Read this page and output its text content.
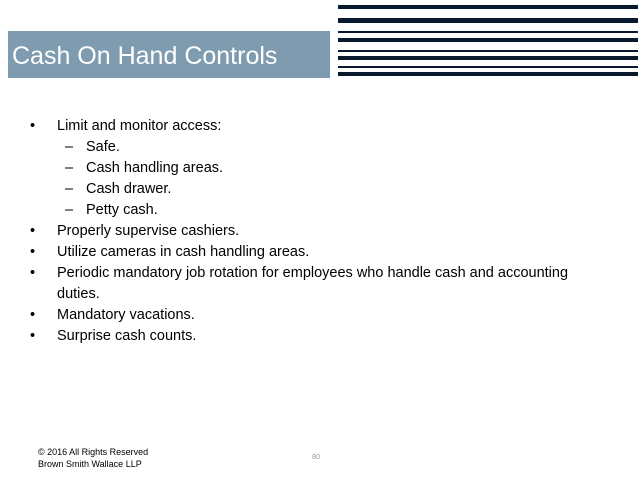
Cash On Hand Controls
• Limit and monitor access:
– Safe.
– Cash handling areas.
– Cash drawer.
– Petty cash.
• Properly supervise cashiers.
• Utilize cameras in cash handling areas.
• Periodic mandatory job rotation for employees who handle cash and accounting duties.
• Mandatory vacations.
• Surprise cash counts.
© 2016 All Rights Reserved
Brown Smith Wallace LLP
80
